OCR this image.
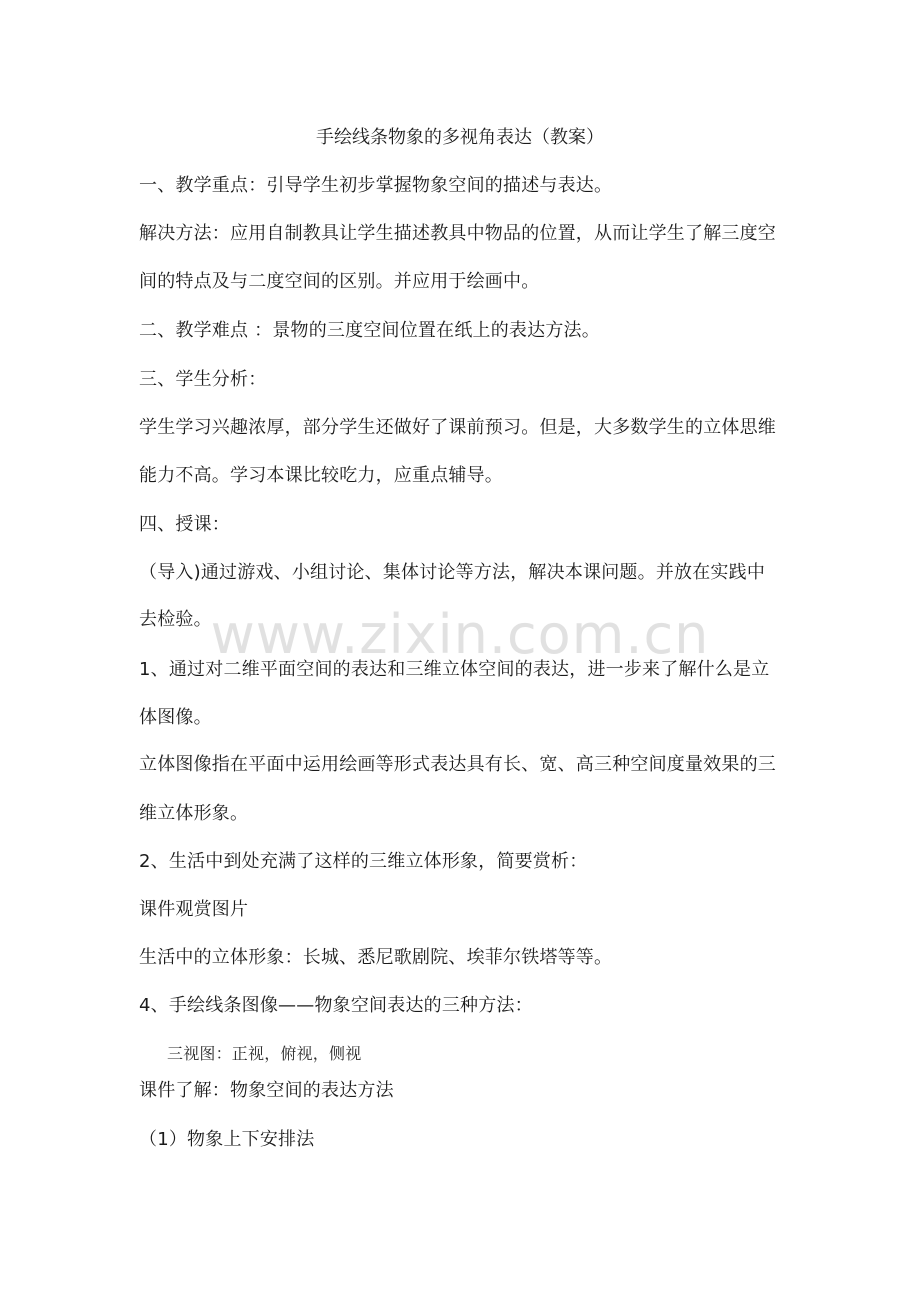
手绘线条物象的多视角表达（教案）
一、教学重点：引导学生初步掌握物象空间的描述与表达。
解决方法：应用自制教具让学生描述教具中物品的位置，从而让学生了解三度空
间的特点及与二度空间的区别。并应用于绘画中。
二、教学难点 ：景物的三度空间位置在纸上的表达方法。
三、学生分析：
学生学习兴趣浓厚，部分学生还做好了课前预习。但是，大多数学生的立体思维
能力不高。学习本课比较吃力，应重点辅导。
四、授课：
（导入)通过游戏、小组讨论、集体讨论等方法，解决本课问题。并放在实践中
去检验。
1、通过对二维平面空间的表达和三维立体空间的表达，进一步来了解什么是立
体图像。
立体图像指在平面中运用绘画等形式表达具有长、宽、高三种空间度量效果的三
维立体形象。
2、生活中到处充满了这样的三维立体形象，简要赏析：
课件观赏图片
生活中的立体形象：长城、悉尼歌剧院、埃菲尔铁塔等等。
4、手绘线条图像——物象空间表达的三种方法：
三视图：正视，俯视，侧视
课件了解：物象空间的表达方法
（1）物象上下安排法
www.zixin.com.cn
